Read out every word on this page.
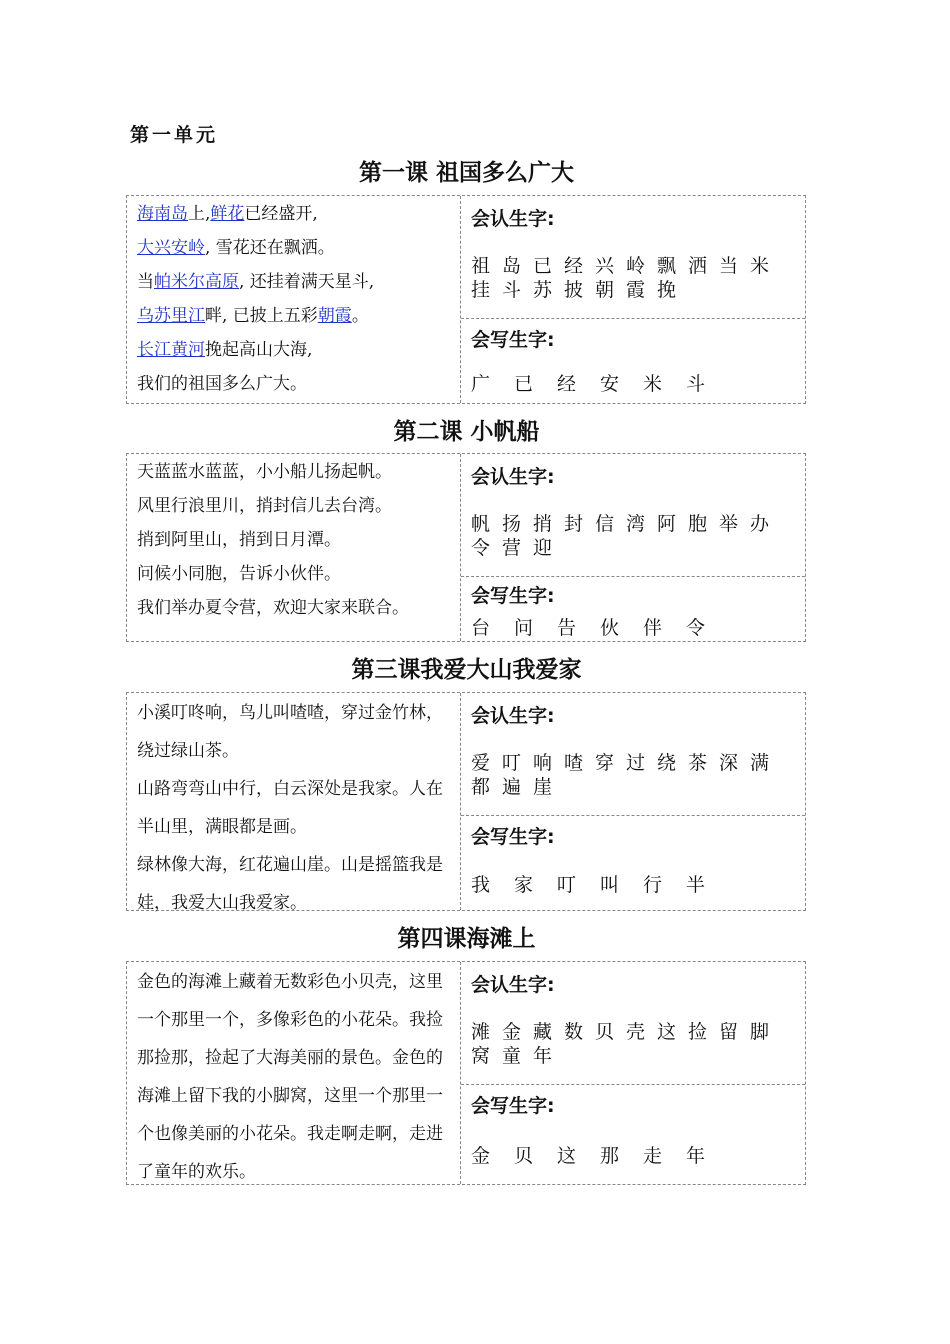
第一单元
第一课 祖国多么广大
海南岛上,鲜花已经盛开,
大兴安岭, 雪花还在飘洒。
当帕米尔高原, 还挂着满天星斗,
乌苏里江畔, 已披上五彩朝霞。
长江黄河挽起高山大海,
我们的祖国多么广大。
会认生字:
祖岛已经兴岭飘洒当米挂斗苏披朝霞挽
会写生字:
广已经安米斗
第二课 小帆船
天蓝蓝水蓝蓝，小小船儿扬起帆。
风里行浪里川，捎封信儿去台湾。
捎到阿里山，捎到日月潭。
问候小同胞，告诉小伙伴。
我们举办夏令营，欢迎大家来联合。
会认生字:
帆扬捎封信湾阿胞举办令营迎
会写生字:
台问告伙伴令
第三课我爱大山我爱家
小溪叮咚响，鸟儿叫喳喳，穿过金竹林，绕过绿山茶。
山路弯弯山中行，白云深处是我家。人在半山里，满眼都是画。
绿林像大海，红花遍山崖。山是摇篮我是娃，我爱大山我爱家。
会认生字:
爱叮响喳穿过绕茶深满都遍崖
会写生字:
我家叮叫行半
第四课海滩上
金色的海滩上藏着无数彩色小贝壳，这里一个那里一个，多像彩色的小花朵。我捡那捡那，捡起了大海美丽的景色。金色的海滩上留下我的小脚窝，这里一个那里一个也像美丽的小花朵。我走啊走啊，走进了童年的欢乐。
会认生字:
滩金藏数贝壳这捡留脚窝童年
会写生字:
金贝这那走年
